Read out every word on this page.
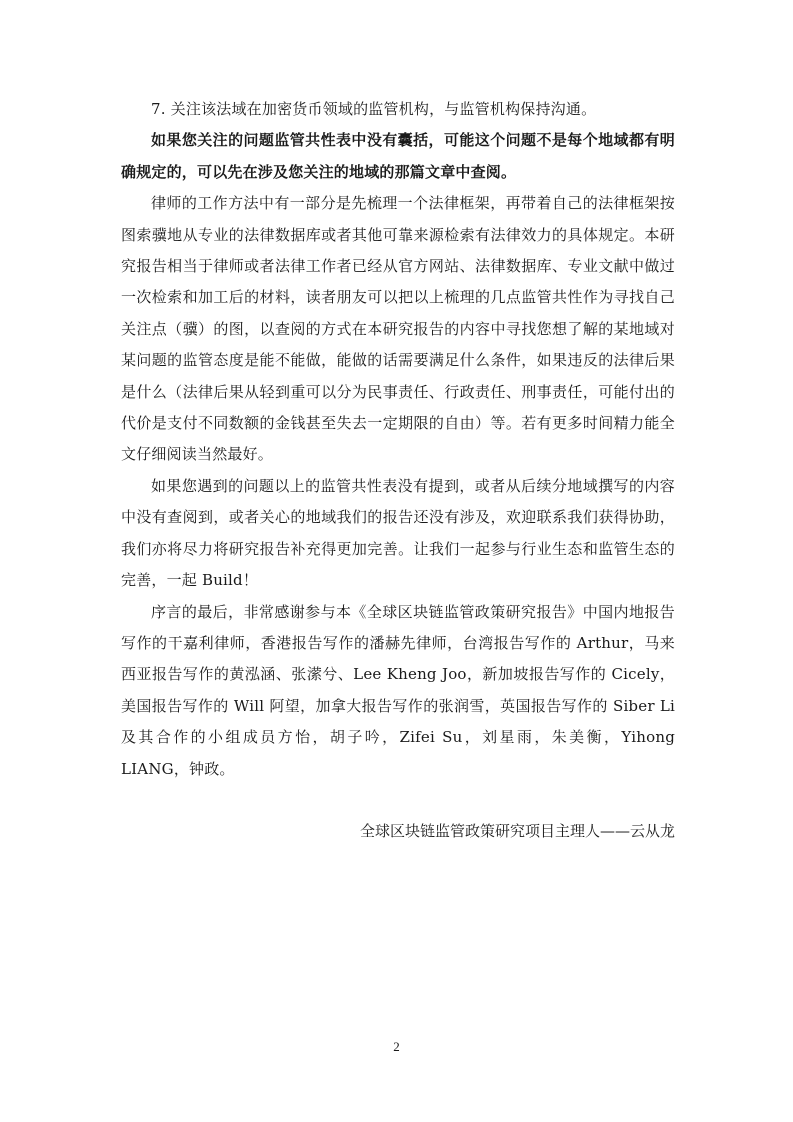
7. 关注该法域在加密货币领域的监管机构，与监管机构保持沟通。

如果您关注的问题监管共性表中没有囊括，可能这个问题不是每个地域都有明确规定的，可以先在涉及您关注的地域的那篇文章中查阅。

律师的工作方法中有一部分是先梳理一个法律框架，再带着自己的法律框架按图索骥地从专业的法律数据库或者其他可靠来源检索有法律效力的具体规定。本研究报告相当于律师或者法律工作者已经从官方网站、法律数据库、专业文献中做过一次检索和加工后的材料，读者朋友可以把以上梳理的几点监管共性作为寻找自己关注点（骥）的图，以查阅的方式在本研究报告的内容中寻找您想了解的某地域对某问题的监管态度是能不能做，能做的话需要满足什么条件，如果违反的法律后果是什么（法律后果从轻到重可以分为民事责任、行政责任、刑事责任，可能付出的代价是支付不同数额的金钱甚至失去一定期限的自由）等。若有更多时间精力能全文仔细阅读当然最好。

如果您遇到的问题以上的监管共性表没有提到，或者从后续分地域撰写的内容中没有查阅到，或者关心的地域我们的报告还没有涉及，欢迎联系我们获得协助，我们亦将尽力将研究报告补充得更加完善。让我们一起参与行业生态和监管生态的完善，一起 Build！

序言的最后，非常感谢参与本《全球区块链监管政策研究报告》中国内地报告写作的干嘉利律师，香港报告写作的潘赫先律师，台湾报告写作的 Arthur，马来西亚报告写作的黄泓涵、张潆兮、Lee Kheng Joo，新加坡报告写作的 Cicely，美国报告写作的 Will 阿望，加拿大报告写作的张润雪，英国报告写作的 Siber Li 及其合作的小组成员方怡，胡子吟，Zifei Su，刘星雨，朱美衡，Yihong LIANG，钟政。

全球区块链监管政策研究项目主理人——云从龙
2
